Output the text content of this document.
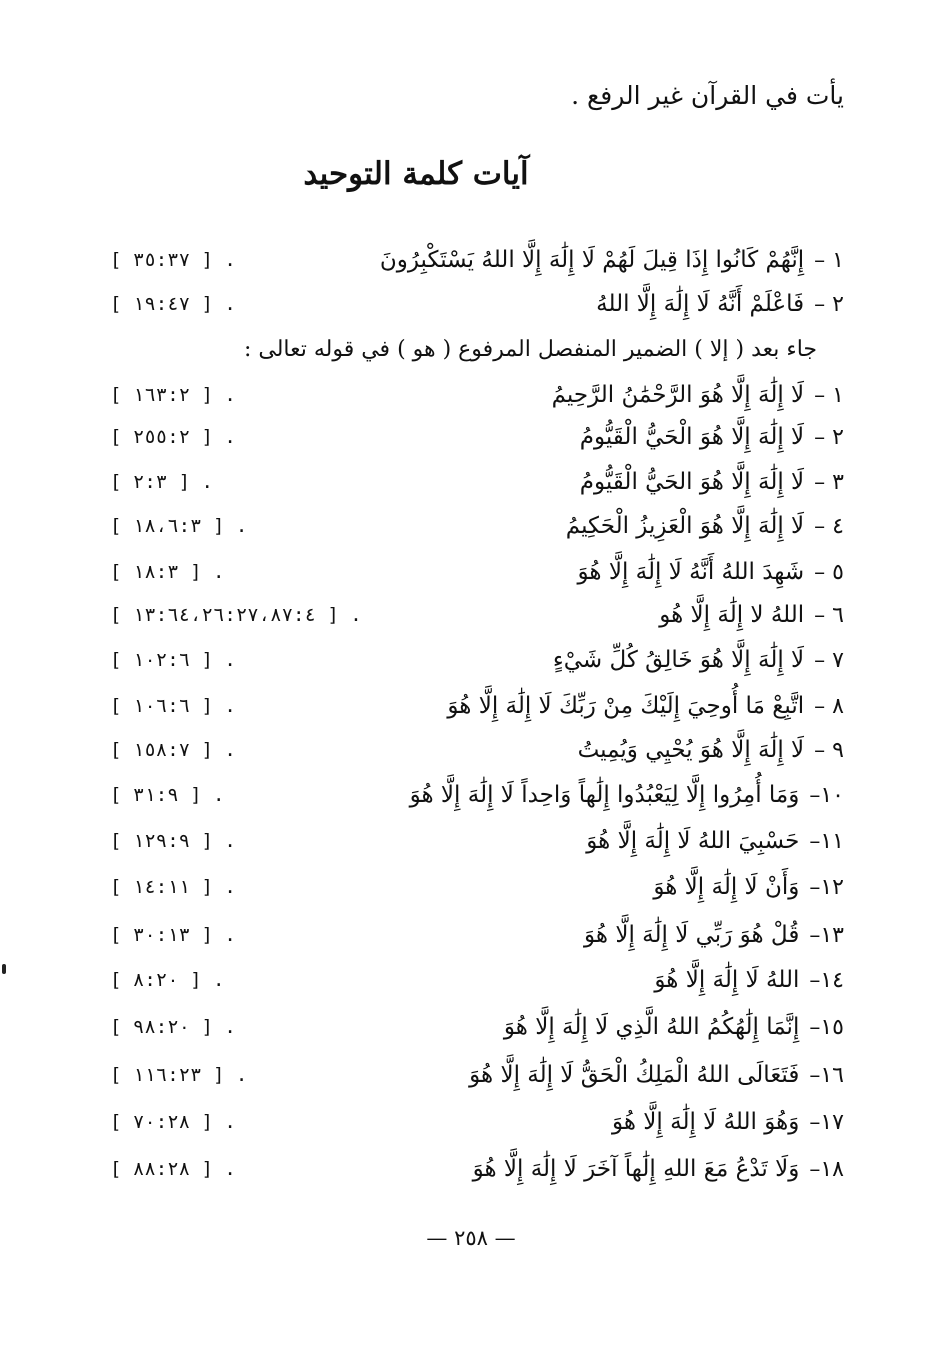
يأت في القرآن غير الرفع .
آيات كلمة التوحيد
١ –
إِنَّهُمْ كَانُوا إِذَا قِيلَ لَهُمْ لَا إِلَٰهَ إِلَّا اللهُ يَسْتَكْبِرُونَ
. [ ٣٥:٣٧ ]
٢ –
فَاعْلَمْ أَنَّهُ لَا إِلَٰهَ إِلَّا اللهُ
. [ ١٩:٤٧ ]
جاء بعد ( إلا ) الضمير المنفصل المرفوع ( هو ) في قوله تعالى :
١ –
لَا إِلَٰهَ إِلَّا هُوَ الرَّحْمَٰنُ الرَّحِيمُ
. [ ١٦٣:٢ ]
٢ –
لَا إِلَٰهَ إِلَّا هُوَ الْحَيُّ الْقَيُّومُ
. [ ٢٥٥:٢ ]
٣ –
لَا إِلَٰهَ إِلَّا هُوَ الحَيُّ الْقَيُّومُ
. [ ٢:٣ ]
٤ –
لَا إِلَٰهَ إِلَّا هُوَ الْعَزِيزُ الْحَكِيمُ
. [ ١٨،٦:٣ ]
٥ –
شَهِدَ اللهُ أَنَّهُ لَا إِلَٰهَ إِلَّا هُوَ
. [ ١٨:٣ ]
٦ –
اللهُ لا إِلَٰهَ إِلَّا هُو
. [ ١٣:٦٤،٢٦:٢٧،٨٧:٤ ]
٧ –
لَا إِلَٰهَ إِلَّا هُوَ خَالِقُ كُلِّ شَيْءٍ
. [ ١٠٢:٦ ]
٨ –
اتَّبِعْ مَا أُوحِيَ إِلَيْكَ مِنْ رَبِّكَ لَا إِلَٰهَ إِلَّا هُوَ
. [ ١٠٦:٦ ]
٩ –
لَا إِلَٰهَ إِلَّا هُوَ يُحْيِي وَيُمِيتُ
. [ ١٥٨:٧ ]
١٠–
وَمَا أُمِرُوا إِلَّا لِيَعْبُدُوا إِلَٰهاً وَاحِداً لَا إِلَٰهَ إِلَّا هُوَ
. [ ٣١:٩ ]
١١–
حَسْبِيَ اللهُ لَا إِلَٰهَ إِلَّا هُوَ
. [ ١٢٩:٩ ]
١٢–
وَأَنْ لَا إِلَٰهَ إِلَّا هُوَ
. [ ١٤:١١ ]
١٣–
قُلْ هُوَ رَبِّي لَا إِلَٰهَ إِلَّا هُوَ
. [ ٣٠:١٣ ]
١٤–
اللهُ لَا إِلَٰهَ إِلَّا هُوَ
. [ ٨:٢٠ ]
١٥–
إِنَّمَا إِلَٰهُكُمُ اللهُ الَّذِي لَا إِلَٰهَ إِلَّا هُوَ
. [ ٩٨:٢٠ ]
١٦–
فَتَعَالَى اللهُ الْمَلِكُ الْحَقُّ لَا إِلَٰهَ إِلَّا هُوَ
. [ ١١٦:٢٣ ]
١٧–
وَهُوَ اللهُ لَا إِلَٰهَ إِلَّا هُوَ
. [ ٧٠:٢٨ ]
١٨–
وَلَا تَدْعُ مَعَ اللهِ إِلَٰهاً آخَرَ لَا إِلَٰهَ إِلَّا هُوَ
. [ ٨٨:٢٨ ]
— ٢٥٨ —
